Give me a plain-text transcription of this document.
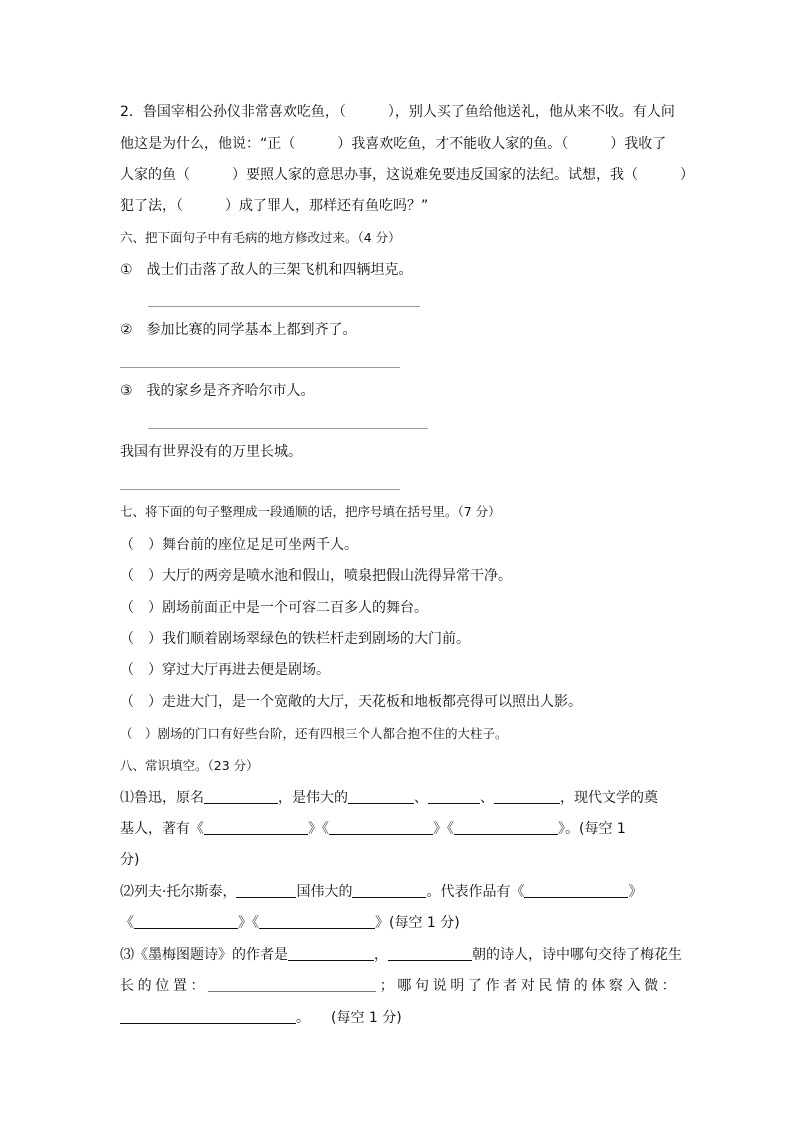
2．鲁国宰相公孙仪非常喜欢吃鱼，（　　　），别人买了鱼给他送礼，他从来不收。有人问
他这是为什么，他说：“正（　　　）我喜欢吃鱼，才不能收人家的鱼。（　　　）我收了
人家的鱼（　　　）要照人家的意思办事，这说难免要违反国家的法纪。试想，我（　　　）
犯了法，（　　　）成了罪人，那样还有鱼吃吗？”
六、把下面句子中有毛病的地方修改过来。（4 分）
①　战士们击落了敌人的三架飞机和四辆坦克。
②　参加比赛的同学基本上都到齐了。
③　我的家乡是齐齐哈尔市人。
我国有世界没有的万里长城。
七、将下面的句子整理成一段通顺的话，把序号填在括号里。（7 分）
（　）舞台前的座位足足可坐两千人。
（　）大厅的两旁是喷水池和假山，喷泉把假山洗得异常干净。
（　）剧场前面正中是一个可容二百多人的舞台。
（　）我们顺着剧场翠绿色的铁栏杆走到剧场的大门前。
（　）穿过大厅再进去便是剧场。
（　）走进大门，是一个宽敞的大厅，天花板和地板都亮得可以照出人影。
（　）剧场的门口有好些台阶，还有四根三个人都合抱不住的大柱子。
八、常识填空。（23 分）
⑴鲁迅，原名	，是伟大的	、	、	，现代文学的奠
基人，著有《	》《	》《	》。(每空 1
分)
⑵列夫·托尔斯泰，	国伟大的	。代表作品有《	》
《	》《	》(每空 1 分)
⑶《墨梅图题诗》的作者是	，	朝的诗人，诗中哪句交待了梅花生
长 的 位 置 ： ＿＿＿＿＿＿＿＿＿＿＿＿ ； 哪 句 说 明 了 作 者 对 民 情 的 体 察 入 微 ：
。　　(每空 1 分)
